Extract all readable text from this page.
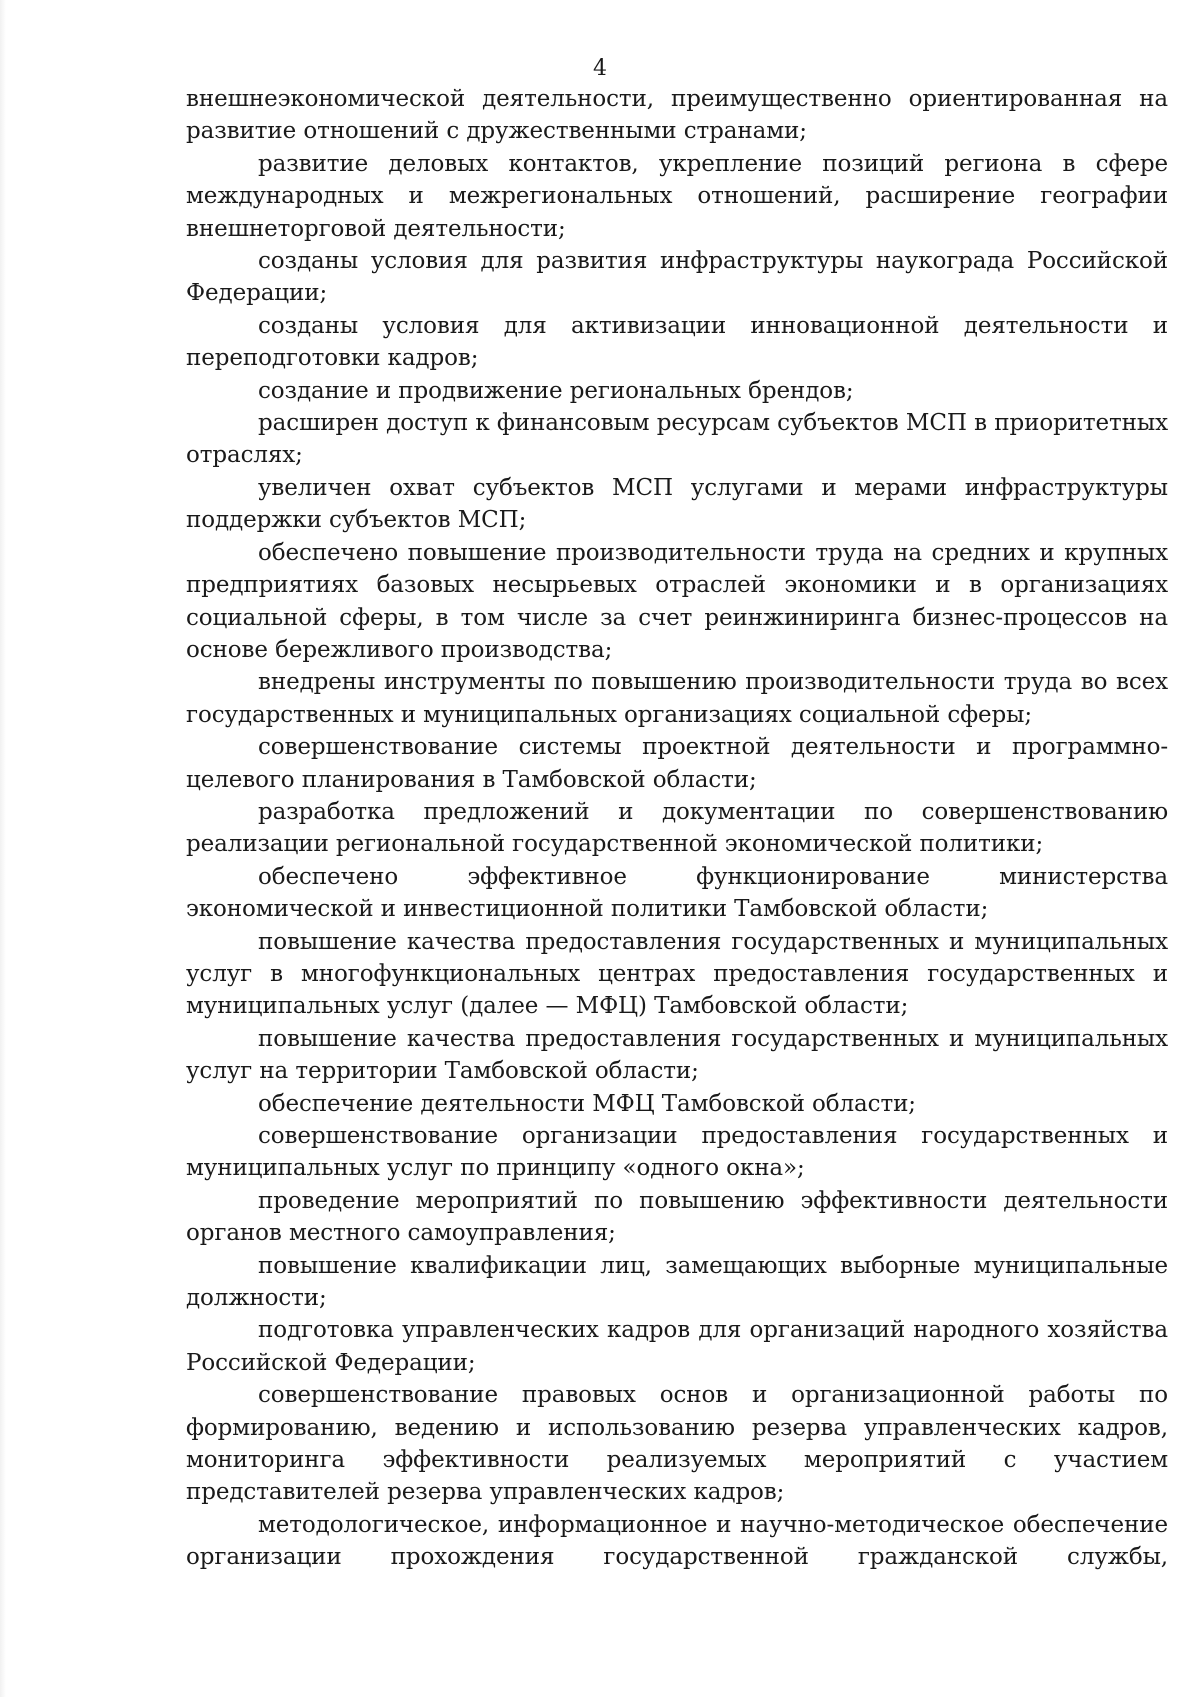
4

внешнеэкономической деятельности, преимущественно ориентированная на развитие отношений с дружественными странами;

развитие деловых контактов, укрепление позиций региона в сфере международных и межрегиональных отношений, расширение географии внешнеторговой деятельности;

созданы условия для развития инфраструктуры наукограда Российской Федерации;

созданы условия для активизации инновационной деятельности и переподготовки кадров;

создание и продвижение региональных брендов;

расширен доступ к финансовым ресурсам субъектов МСП в приоритетных отраслях;

увеличен охват субъектов МСП услугами и мерами инфраструктуры поддержки субъектов МСП;

обеспечено повышение производительности труда на средних и крупных предприятиях базовых несырьевых отраслей экономики и в организациях социальной сферы, в том числе за счет реинжиниринга бизнес-процессов на основе бережливого производства;

внедрены инструменты по повышению производительности труда во всех государственных и муниципальных организациях социальной сферы;

совершенствование системы проектной деятельности и программно-целевого планирования в Тамбовской области;

разработка предложений и документации по совершенствованию реализации региональной государственной экономической политики;

обеспечено эффективное функционирование министерства экономической и инвестиционной политики Тамбовской области;

повышение качества предоставления государственных и муниципальных услуг в многофункциональных центрах предоставления государственных и муниципальных услуг (далее — МФЦ) Тамбовской области;

повышение качества предоставления государственных и муниципальных услуг на территории Тамбовской области;

обеспечение деятельности МФЦ Тамбовской области;

совершенствование организации предоставления государственных и муниципальных услуг по принципу «одного окна»;

проведение мероприятий по повышению эффективности деятельности органов местного самоуправления;

повышение квалификации лиц, замещающих выборные муниципальные должности;

подготовка управленческих кадров для организаций народного хозяйства Российской Федерации;

совершенствование правовых основ и организационной работы по формированию, ведению и использованию резерва управленческих кадров, мониторинга эффективности реализуемых мероприятий с участием представителей резерва управленческих кадров;

методологическое, информационное и научно-методическое обеспечение организации прохождения государственной гражданской службы,
